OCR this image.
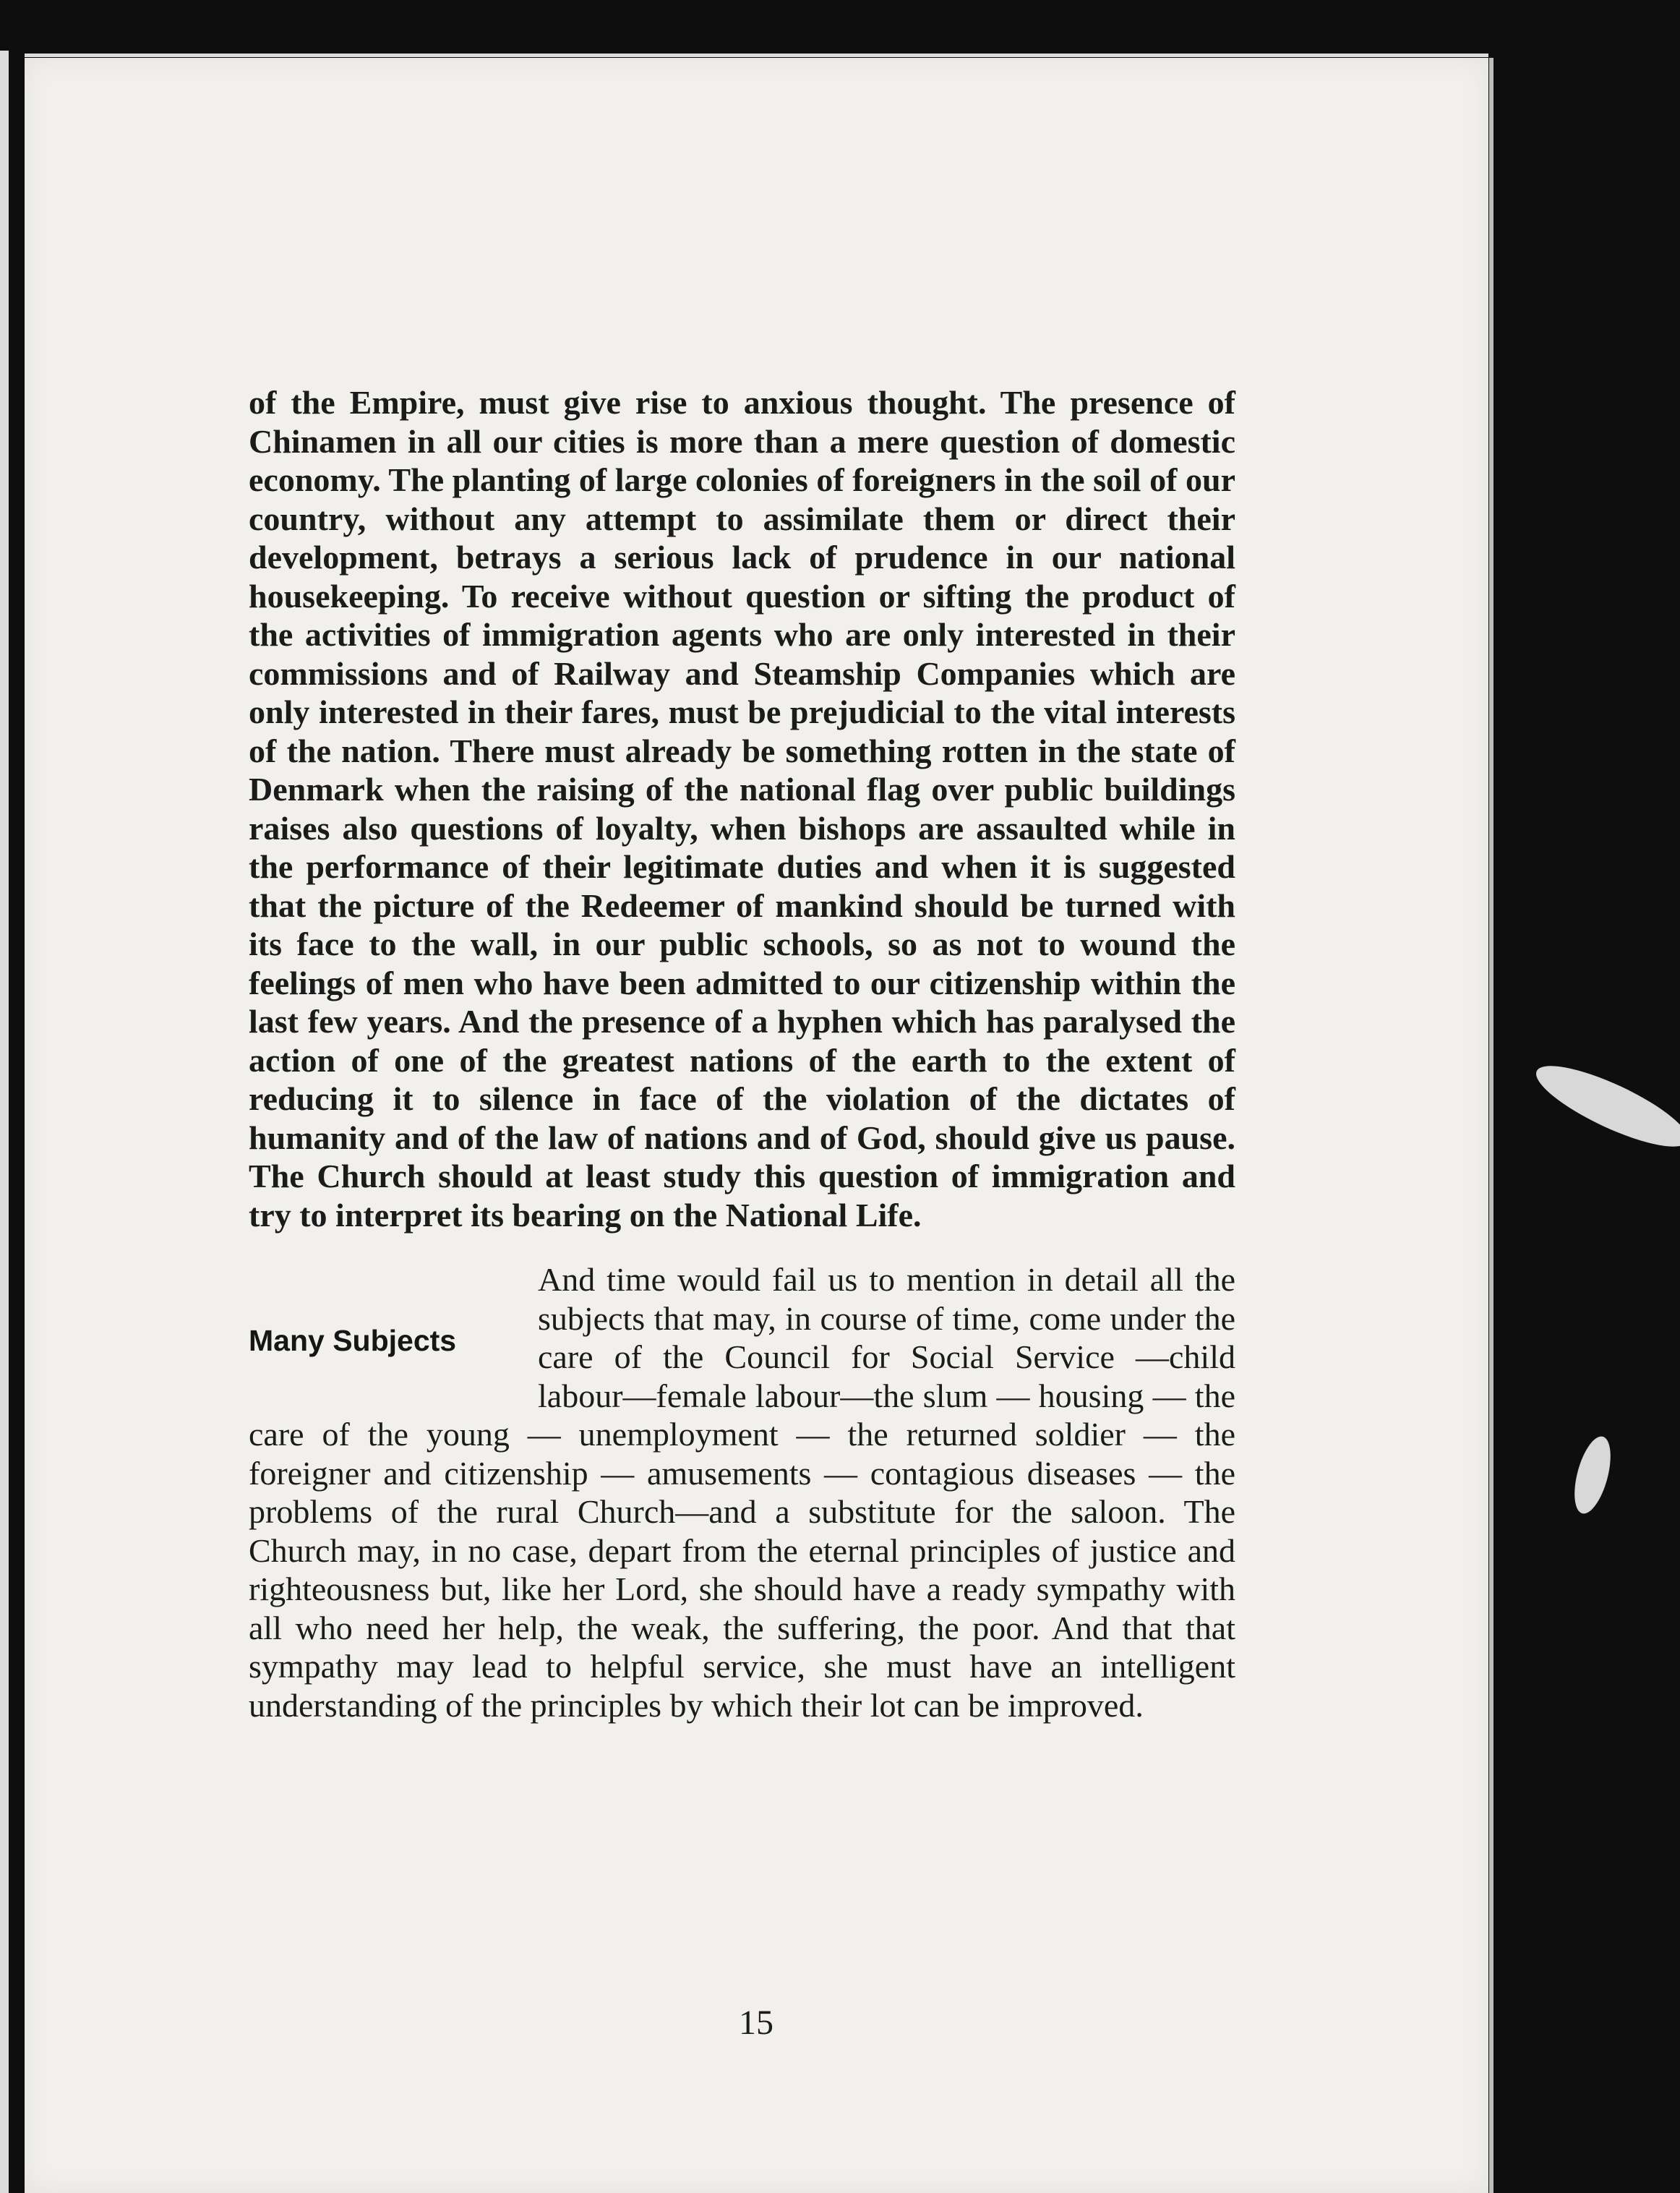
of the Empire, must give rise to anxious thought. The presence of Chinamen in all our cities is more than a mere question of domestic economy. The planting of large colonies of foreigners in the soil of our country, without any attempt to assimilate them or direct their development, betrays a serious lack of prudence in our national housekeeping. To receive without question or sifting the product of the activities of immigration agents who are only interested in their commissions and of Railway and Steamship Companies which are only interested in their fares, must be prejudicial to the vital interests of the nation. There must already be something rotten in the state of Denmark when the raising of the national flag over public buildings raises also questions of loyalty, when bishops are assaulted while in the performance of their legitimate duties and when it is suggested that the picture of the Redeemer of mankind should be turned with its face to the wall, in our public schools, so as not to wound the feelings of men who have been admitted to our citizenship within the last few years. And the presence of a hyphen which has paralysed the action of one of the greatest nations of the earth to the extent of reducing it to silence in face of the violation of the dictates of humanity and of the law of nations and of God, should give us pause. The Church should at least study this question of immigration and try to interpret its bearing on the National Life.

And time would fail us to mention in detail all the subjects that may, in course of time, come under the care of the Council for Social Service —child labour—female labour—the slum — housing — the care of the young — unemployment — the returned soldier — the foreigner and citizenship — amusements — contagious diseases — the problems of the rural Church—and a substitute for the saloon. The Church may, in no case, depart from the eternal principles of justice and righteousness but, like her Lord, she should have a ready sympathy with all who need her help, the weak, the suffering, the poor. And that that sympathy may lead to helpful service, she must have an intelligent understanding of the principles by which their lot can be improved.

Many Subjects
15
